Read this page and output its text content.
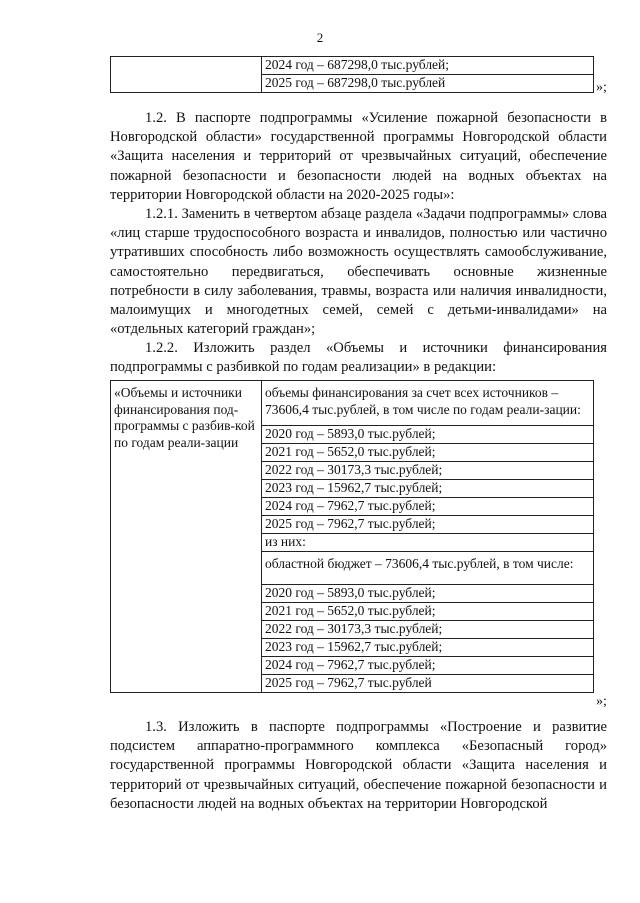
2
	2024 год – 687298,0 тыс.рублей;
2025 год – 687298,0 тыс.рублей	»;
1.2. В паспорте подпрограммы «Усиление пожарной безопасности в Новгородской области» государственной программы Новгородской области «Защита населения и территорий от чрезвычайных ситуаций, обеспечение пожарной безопасности и безопасности людей на водных объектах на территории Новгородской области на 2020-2025 годы»:
1.2.1. Заменить в четвертом абзаце раздела «Задачи подпрограммы» слова «лиц старше трудоспособного возраста и инвалидов, полностью или частично утративших способность либо возможность осуществлять самообслуживание, самостоятельно передвигаться, обеспечивать основные жизненные потребности в силу заболевания, травмы, возраста или наличия инвалидности, малоимущих и многодетных семей, семей с детьми-инвалидами» на «отдельных категорий граждан»;
1.2.2. Изложить раздел «Объемы и источники финансирования подпрограммы с разбивкой по годам реализации» в редакции:
«Объемы и источники финансирования под-программы с разбив-кой по годам реали-зации	объемы финансирования за счет всех источников – 73606,4 тыс.рублей, в том числе по годам реали-зации:
2020 год – 5893,0 тыс.рублей;
2021 год – 5652,0 тыс.рублей;
2022 год – 30173,3 тыс.рублей;
2023 год – 15962,7 тыс.рублей;
2024 год – 7962,7 тыс.рублей;
2025 год – 7962,7 тыс.рублей;
из них:
областной бюджет – 73606,4 тыс.рублей, в том числе:
2020 год – 5893,0 тыс.рублей;
2021 год – 5652,0 тыс.рублей;
2022 год – 30173,3 тыс.рублей;
2023 год – 15962,7 тыс.рублей;
2024 год – 7962,7 тыс.рублей;
2025 год – 7962,7 тыс.рублей
»;
1.3. Изложить в паспорте подпрограммы «Построение и развитие подсистем аппаратно-программного комплекса «Безопасный город» государственной программы Новгородской области «Защита населения и территорий от чрезвычайных ситуаций, обеспечение пожарной безопасности и безопасности людей на водных объектах на территории Новгородской
